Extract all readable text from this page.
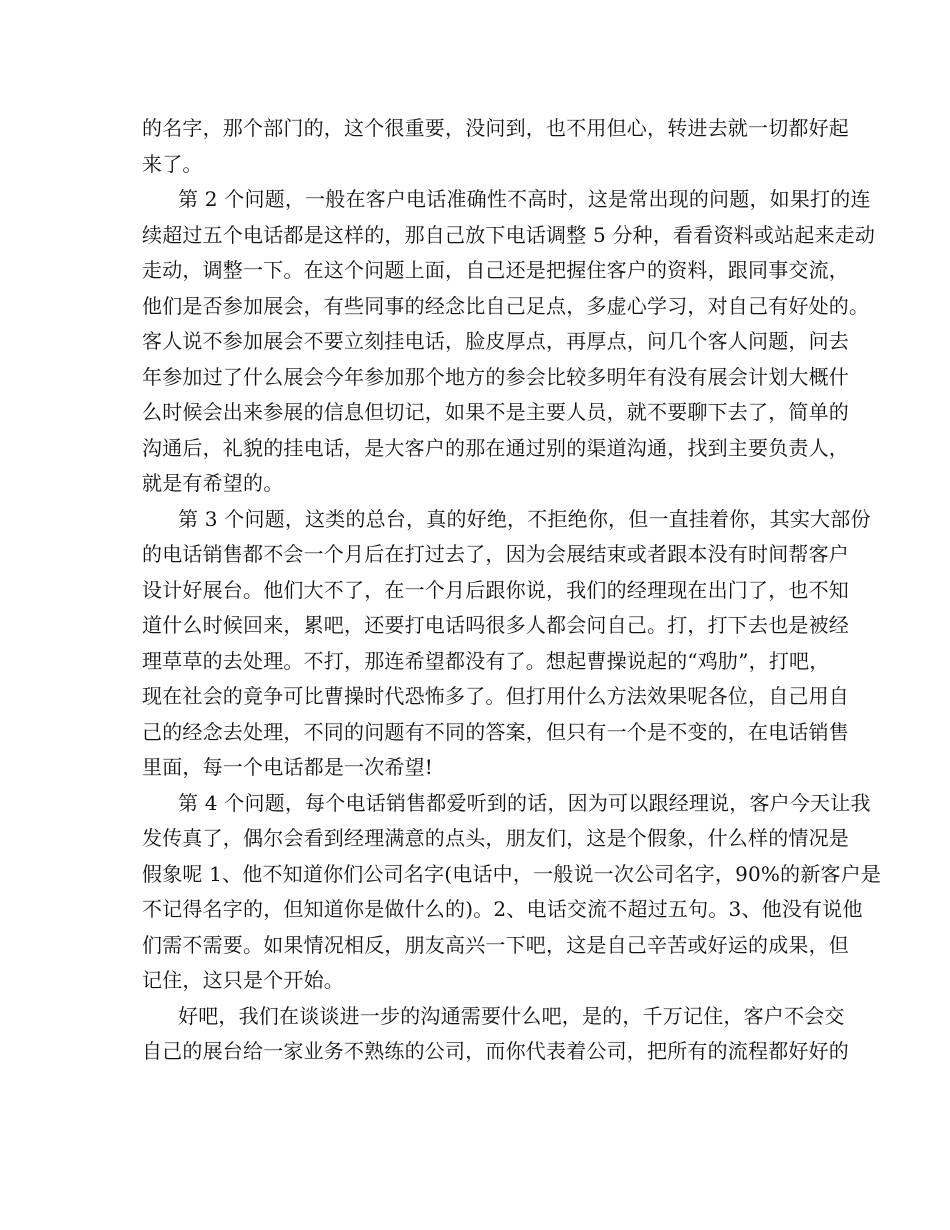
的名字，那个部门的，这个很重要，没问到，也不用但心，转进去就一切都好起
来了。
第 2 个问题，一般在客户电话准确性不高时，这是常出现的问题，如果打的连
续超过五个电话都是这样的，那自己放下电话调整 5 分种，看看资料或站起来走动
走动，调整一下。在这个问题上面，自己还是把握住客户的资料，跟同事交流，
他们是否参加展会，有些同事的经念比自己足点，多虚心学习，对自己有好处的。
客人说不参加展会不要立刻挂电话，脸皮厚点，再厚点，问几个客人问题，问去
年参加过了什么展会今年参加那个地方的参会比较多明年有没有展会计划大概什
么时候会出来参展的信息但切记，如果不是主要人员，就不要聊下去了，简单的
沟通后，礼貌的挂电话，是大客户的那在通过别的渠道沟通，找到主要负责人，
就是有希望的。
第 3 个问题，这类的总台，真的好绝，不拒绝你，但一直挂着你，其实大部份
的电话销售都不会一个月后在打过去了，因为会展结束或者跟本没有时间帮客户
设计好展台。他们大不了，在一个月后跟你说，我们的经理现在出门了，也不知
道什么时候回来，累吧，还要打电话吗很多人都会问自己。打，打下去也是被经
理草草的去处理。不打，那连希望都没有了。想起曹操说起的“鸡肋”，打吧，
现在社会的竟争可比曹操时代恐怖多了。但打用什么方法效果呢各位，自己用自
己的经念去处理，不同的问题有不同的答案，但只有一个是不变的，在电话销售
里面，每一个电话都是一次希望!
第 4 个问题，每个电话销售都爱听到的话，因为可以跟经理说，客户今天让我
发传真了，偶尔会看到经理满意的点头，朋友们，这是个假象，什么样的情况是
假象呢 1、他不知道你们公司名字(电话中，一般说一次公司名字，90%的新客户是
不记得名字的，但知道你是做什么的)。2、电话交流不超过五句。3、他没有说他
们需不需要。如果情况相反，朋友高兴一下吧，这是自己辛苦或好运的成果，但
记住，这只是个开始。
好吧，我们在谈谈进一步的沟通需要什么吧，是的，千万记住，客户不会交
自己的展台给一家业务不熟练的公司，而你代表着公司，把所有的流程都好好的
